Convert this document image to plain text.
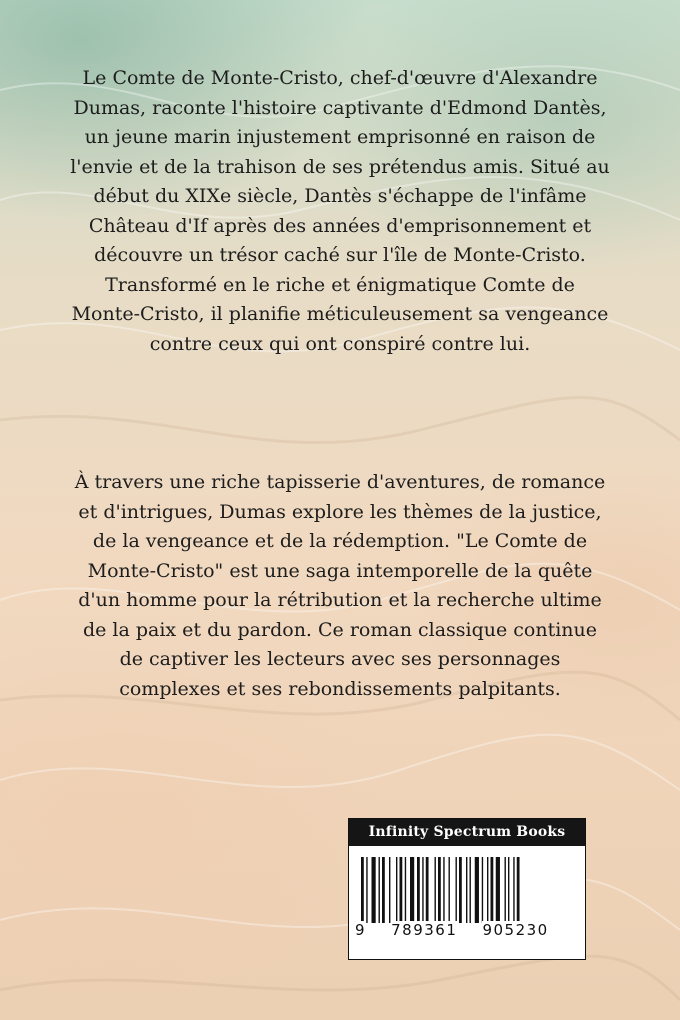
Le Comte de Monte-Cristo, chef-d'œuvre d'Alexandre Dumas, raconte l'histoire captivante d'Edmond Dantès, un jeune marin injustement emprisonné en raison de l'envie et de la trahison de ses prétendus amis. Situé au début du XIXe siècle, Dantès s'échappe de l'infâme Château d'If après des années d'emprisonnement et découvre un trésor caché sur l'île de Monte-Cristo. Transformé en le riche et énigmatique Comte de Monte-Cristo, il planifie méticuleusement sa vengeance contre ceux qui ont conspiré contre lui.

À travers une riche tapisserie d'aventures, de romance et d'intrigues, Dumas explore les thèmes de la justice, de la vengeance et de la rédemption. "Le Comte de Monte-Cristo" est une saga intemporelle de la quête d'un homme pour la rétribution et la recherche ultime de la paix et du pardon. Ce roman classique continue de captiver les lecteurs avec ses personnages complexes et ses rebondissements palpitants.

Infinity Spectrum Books
9 789361 905230
